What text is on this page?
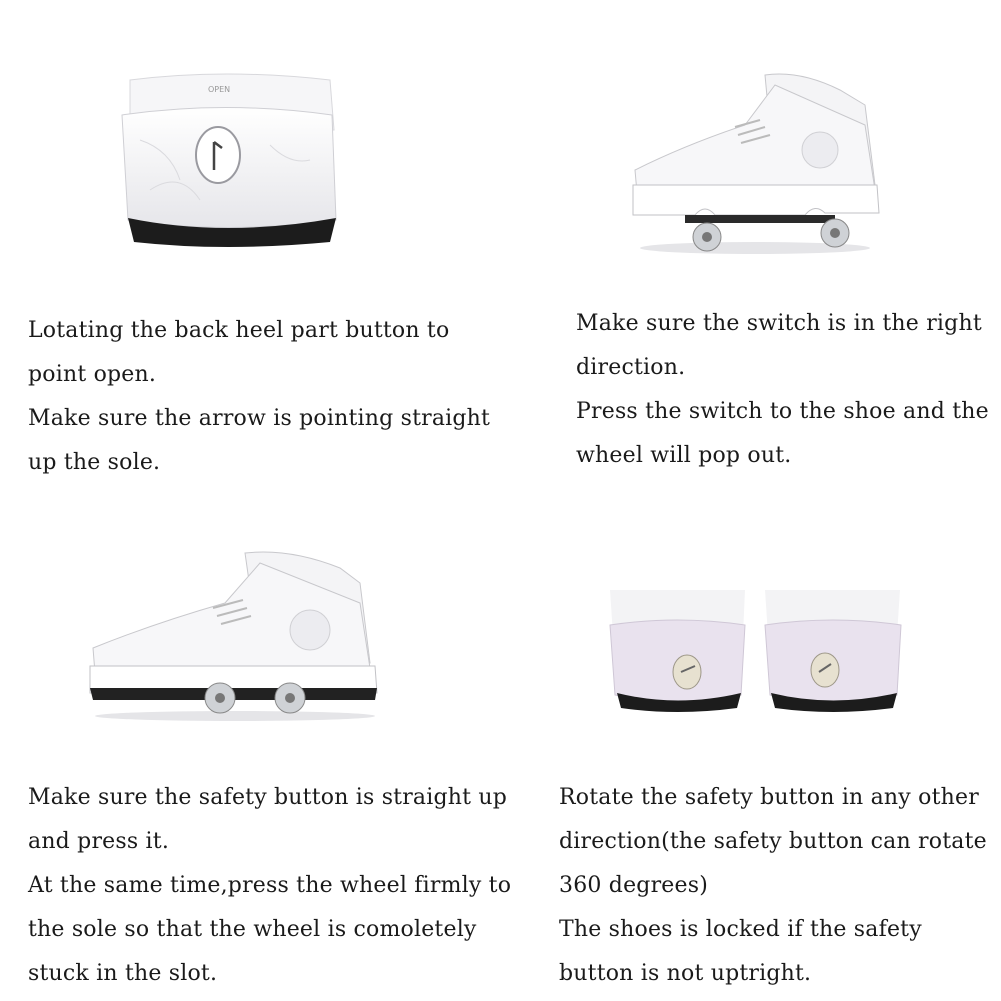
OPEN

Lotating the back heel part button to

point open.

Make sure the arrow is pointing straight

up the sole.

Make sure the switch is in the right

direction.

Press the switch to the shoe and the

wheel will pop out.

Make sure the safety button is straight up

and press it.

At the same time,press the wheel firmly to

the sole so that the wheel is comoletely

stuck in the slot.

Rotate the safety button in any other

direction(the safety button can rotate

360 degrees)

The shoes is locked if the safety

button is not uptright.
